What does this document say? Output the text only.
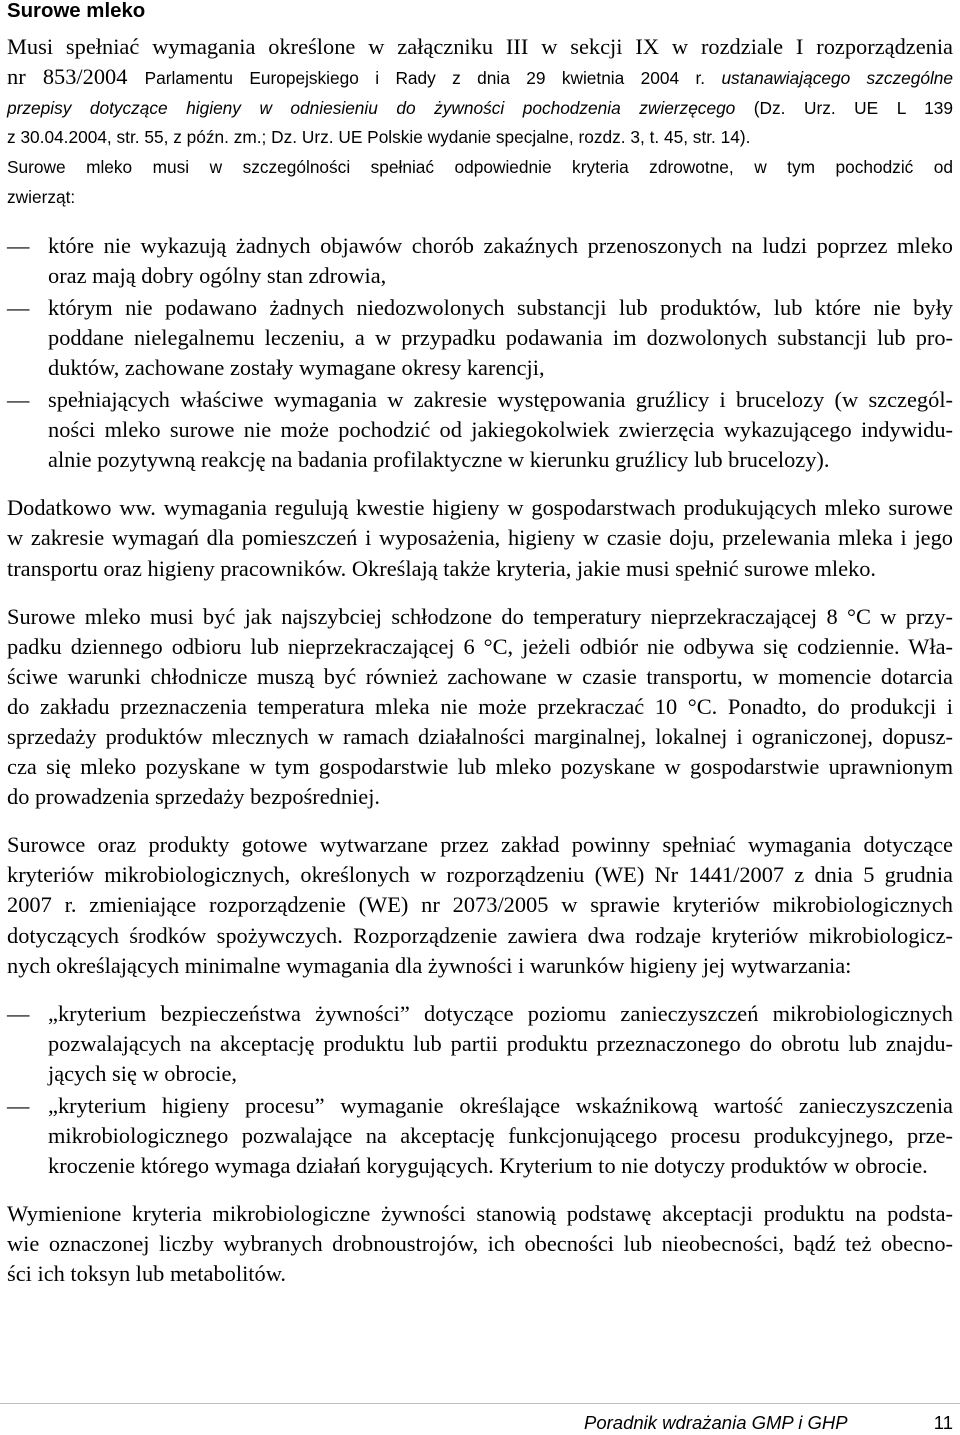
Surowe mleko
Musi spełniać wymagania określone w załączniku III w sekcji IX w rozdziale I rozporządzenia
nr 853/2004 Parlamentu Europejskiego i Rady z dnia 29 kwietnia 2004 r. ustanawiającego szczególne
przepisy dotyczące higieny w odniesieniu do żywności pochodzenia zwierzęcego (Dz. Urz. UE L 139
z 30.04.2004, str. 55, z późn. zm.; Dz. Urz. UE Polskie wydanie specjalne, rozdz. 3, t. 45, str. 14).
Surowe mleko musi w szczególności spełniać odpowiednie kryteria zdrowotne, w tym pochodzić od
zwierząt:
— które nie wykazują żadnych objawów chorób zakaźnych przenoszonych na ludzi poprzez mleko
oraz mają dobry ogólny stan zdrowia,
— którym nie podawano żadnych niedozwolonych substancji lub produktów, lub które nie były
poddane nielegalnemu leczeniu, a w przypadku podawania im dozwolonych substancji lub pro-
duktów, zachowane zostały wymagane okresy karencji,
— spełniających właściwe wymagania w zakresie występowania gruźlicy i brucelozy (w szczegól-
ności mleko surowe nie może pochodzić od jakiegokolwiek zwierzęcia wykazującego indywidu-
alnie pozytywną reakcję na badania profilaktyczne w kierunku gruźlicy lub brucelozy).
Dodatkowo ww. wymagania regulują kwestie higieny w gospodarstwach produkujących mleko surowe
w zakresie wymagań dla pomieszczeń i wyposażenia, higieny w czasie doju, przelewania mleka i jego
transportu oraz higieny pracowników. Określają także kryteria, jakie musi spełnić surowe mleko.
Surowe mleko musi być jak najszybciej schłodzone do temperatury nieprzekraczającej 8 °C w przy-
padku dziennego odbioru lub nieprzekraczającej 6 °C, jeżeli odbiór nie odbywa się codziennie. Wła-
ściwe warunki chłodnicze muszą być również zachowane w czasie transportu, w momencie dotarcia
do zakładu przeznaczenia temperatura mleka nie może przekraczać 10 °C. Ponadto, do produkcji i
sprzedaży produktów mlecznych w ramach działalności marginalnej, lokalnej i ograniczonej, dopusz-
cza się mleko pozyskane w tym gospodarstwie lub mleko pozyskane w gospodarstwie uprawnionym
do prowadzenia sprzedaży bezpośredniej.
Surowce oraz produkty gotowe wytwarzane przez zakład powinny spełniać wymagania dotyczące
kryteriów mikrobiologicznych, określonych w rozporządzeniu (WE) Nr 1441/2007 z dnia 5 grudnia
2007 r. zmieniające rozporządzenie (WE) nr 2073/2005 w sprawie kryteriów mikrobiologicznych
dotyczących środków spożywczych. Rozporządzenie zawiera dwa rodzaje kryteriów mikrobiologicz-
nych określających minimalne wymagania dla żywności i warunków higieny jej wytwarzania:
— „kryterium bezpieczeństwa żywności” dotyczące poziomu zanieczyszczeń mikrobiologicznych
pozwalających na akceptację produktu lub partii produktu przeznaczonego do obrotu lub znajdu-
jących się w obrocie,
— „kryterium higieny procesu” wymaganie określające wskaźnikową wartość zanieczyszczenia
mikrobiologicznego pozwalające na akceptację funkcjonującego procesu produkcyjnego, prze-
kroczenie którego wymaga działań korygujących. Kryterium to nie dotyczy produktów w obrocie.
Wymienione kryteria mikrobiologiczne żywności stanowią podstawę akceptacji produktu na podsta-
wie oznaczonej liczby wybranych drobnoustrojów, ich obecności lub nieobecności, bądź też obecno-
ści ich toksyn lub metabolitów.
Poradnik wdrażania GMP i GHP	11
